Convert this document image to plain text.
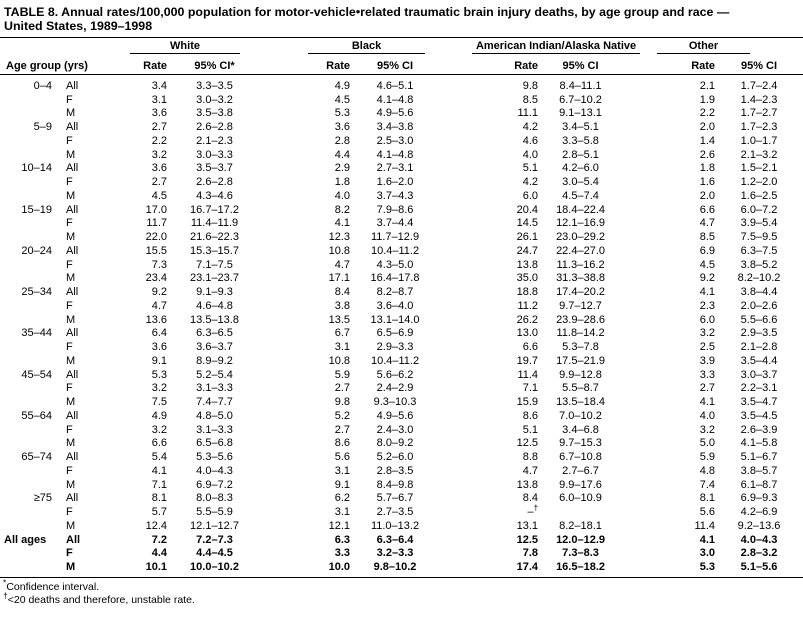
TABLE 8. Annual rates/100,000 population for motor-vehicle•related traumatic brain injury deaths, by age group and race —
United States, 1989–1998

		White			Black			American Indian/Alaska Native			Other	

Age group (yrs)		Rate	95% CI*		Rate	95% CI		Rate	95% CI		Rate	95% CI
0–4	All	3.4	3.3–3.5		4.9	4.6–5.1		9.8	8.4–11.1		2.1	1.7–2.4
	F	3.1	3.0–3.2		4.5	4.1–4.8		8.5	6.7–10.2		1.9	1.4–2.3
	M	3.6	3.5–3.8		5.3	4.9–5.6		11.1	9.1–13.1		2.2	1.7–2.7
5–9	All	2.7	2.6–2.8		3.6	3.4–3.8		4.2	3.4–5.1		2.0	1.7–2.3
	F	2.2	2.1–2.3		2.8	2.5–3.0		4.6	3.3–5.8		1.4	1.0–1.7
	M	3.2	3.0–3.3		4.4	4.1–4.8		4.0	2.8–5.1		2.6	2.1–3.2
10–14	All	3.6	3.5–3.7		2.9	2.7–3.1		5.1	4.2–6.0		1.8	1.5–2.1
	F	2.7	2.6–2.8		1.8	1.6–2.0		4.2	3.0–5.4		1.6	1.2–2.0
	M	4.5	4.3–4.6		4.0	3.7–4.3		6.0	4.5–7.4		2.0	1.6–2.5
15–19	All	17.0	16.7–17.2		8.2	7.9–8.6		20.4	18.4–22.4		6.6	6.0–7.2
	F	11.7	11.4–11.9		4.1	3.7–4.4		14.5	12.1–16.9		4.7	3.9–5.4
	M	22.0	21.6–22.3		12.3	11.7–12.9		26.1	23.0–29.2		8.5	7.5–9.5
20–24	All	15.5	15.3–15.7		10.8	10.4–11.2		24.7	22.4–27.0		6.9	6.3–7.5
	F	7.3	7.1–7.5		4.7	4.3–5.0		13.8	11.3–16.2		4.5	3.8–5.2
	M	23.4	23.1–23.7		17.1	16.4–17.8		35.0	31.3–38.8		9.2	8.2–10.2
25–34	All	9.2	9.1–9.3		8.4	8.2–8.7		18.8	17.4–20.2		4.1	3.8–4.4
	F	4.7	4.6–4.8		3.8	3.6–4.0		11.2	9.7–12.7		2.3	2.0–2.6
	M	13.6	13.5–13.8		13.5	13.1–14.0		26.2	23.9–28.6		6.0	5.5–6.6
35–44	All	6.4	6.3–6.5		6.7	6.5–6.9		13.0	11.8–14.2		3.2	2.9–3.5
	F	3.6	3.6–3.7		3.1	2.9–3.3		6.6	5.3–7.8		2.5	2.1–2.8
	M	9.1	8.9–9.2		10.8	10.4–11.2		19.7	17.5–21.9		3.9	3.5–4.4
45–54	All	5.3	5.2–5.4		5.9	5.6–6.2		11.4	9.9–12.8		3.3	3.0–3.7
	F	3.2	3.1–3.3		2.7	2.4–2.9		7.1	5.5–8.7		2.7	2.2–3.1
	M	7.5	7.4–7.7		9.8	9.3–10.3		15.9	13.5–18.4		4.1	3.5–4.7
55–64	All	4.9	4.8–5.0		5.2	4.9–5.6		8.6	7.0–10.2		4.0	3.5–4.5
	F	3.2	3.1–3.3		2.7	2.4–3.0		5.1	3.4–6.8		3.2	2.6–3.9
	M	6.6	6.5–6.8		8.6	8.0–9.2		12.5	9.7–15.3		5.0	4.1–5.8
65–74	All	5.4	5.3–5.6		5.6	5.2–6.0		8.8	6.7–10.8		5.9	5.1–6.7
	F	4.1	4.0–4.3		3.1	2.8–3.5		4.7	2.7–6.7		4.8	3.8–5.7
	M	7.1	6.9–7.2		9.1	8.4–9.8		13.8	9.9–17.6		7.4	6.1–8.7
≥75	All	8.1	8.0–8.3		6.2	5.7–6.7		8.4	6.0–10.9		8.1	6.9–9.3
	F	5.7	5.5–5.9		3.1	2.7–3.5		–†			5.6	4.2–6.9
	M	12.4	12.1–12.7		12.1	11.0–13.2		13.1	8.2–18.1		11.4	9.2–13.6
All ages	All	7.2	7.2–7.3		6.3	6.3–6.4		12.5	12.0–12.9		4.1	4.0–4.3
	F	4.4	4.4–4.5		3.3	3.2–3.3		7.8	7.3–8.3		3.0	2.8–3.2
	M	10.1	10.0–10.2		10.0	9.8–10.2		17.4	16.5–18.2		5.3	5.1–5.6
*Confidence interval.
†<20 deaths and therefore, unstable rate.
